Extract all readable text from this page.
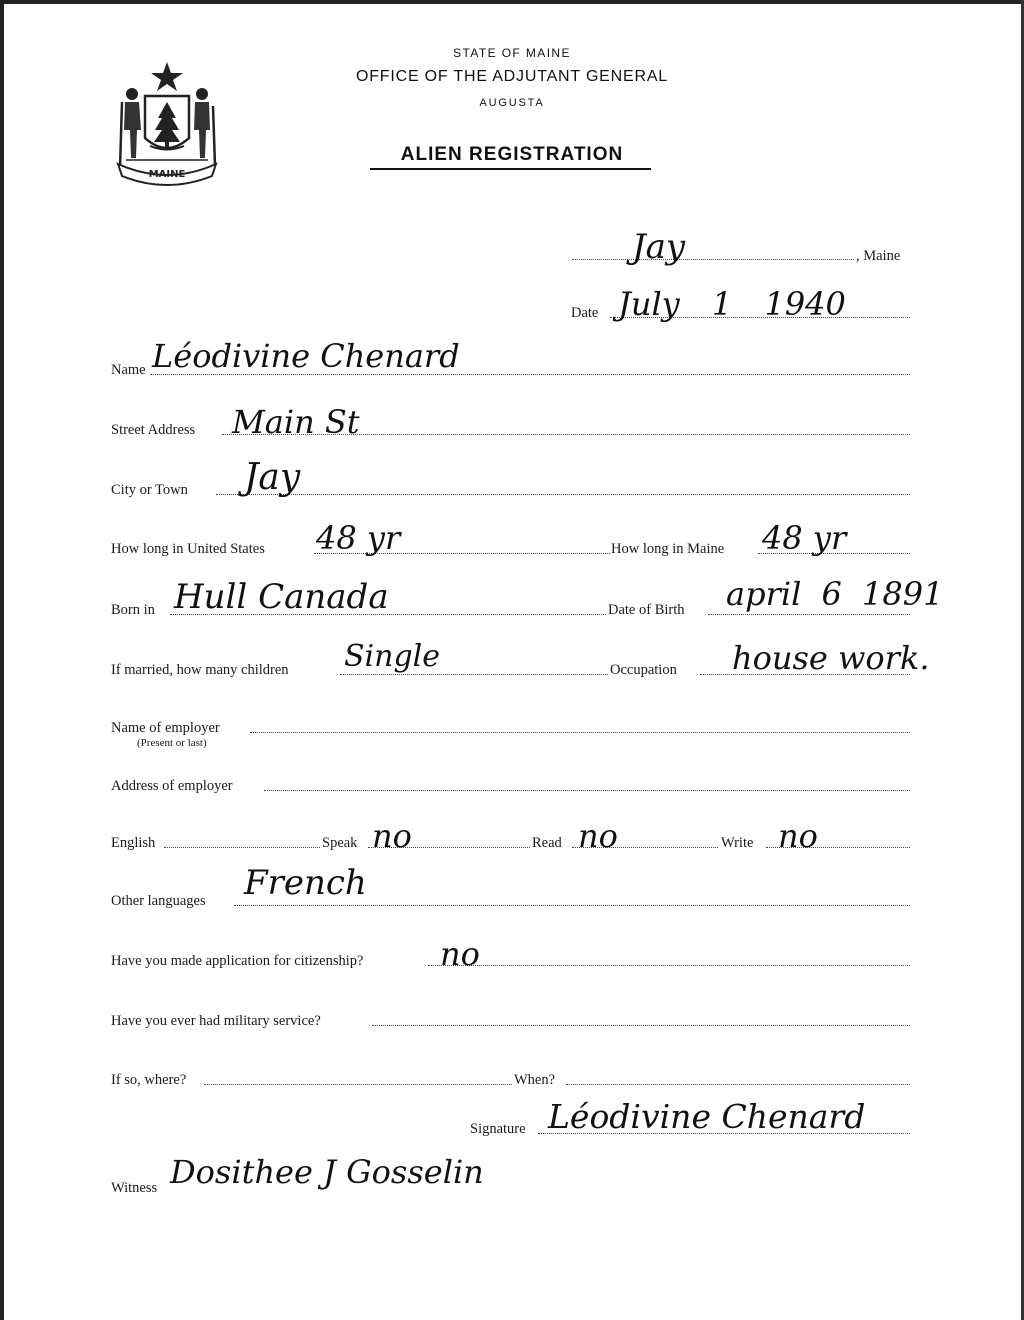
MAINE
STATE OF MAINE
OFFICE OF THE ADJUTANT GENERAL
AUGUSTA
ALIEN REGISTRATION
, Maine
Jay
Date July 1 1940
Name Léodivine Chenard
Street Address Main St
City or Town Jay
How long in United States 48 yr	How long in Maine 48 yr
Born in Hull Canada	Date of Birth april 6 1891
If married, how many children Single	Occupation house work.
Name of employer
(Present or last)
Address of employer
English	Speak no	Read no	Write no
Other languages French
Have you made application for citizenship? no
Have you ever had military service?
If so, where?	When?
Signature Léodivine Chenard
Witness Dosithee J Gosselin
